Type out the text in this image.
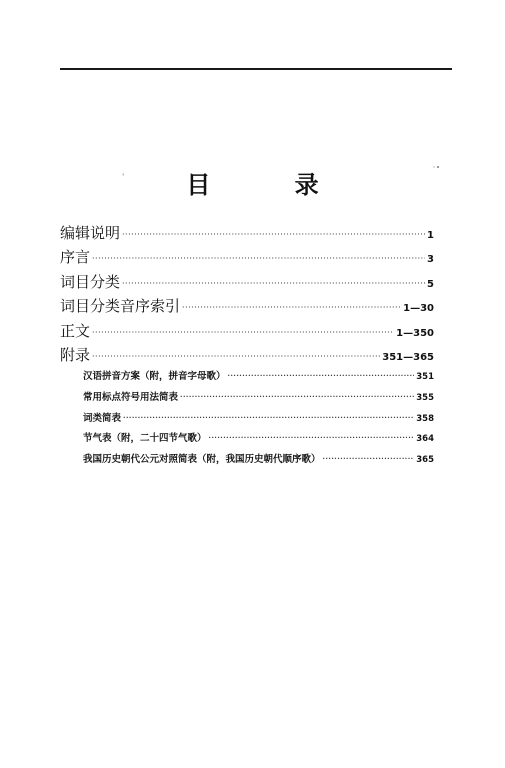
ˈ
˙˚
目 录
编辑说明 ·····	1
序言 ·····	3
词目分类 ·····	5
词目分类音序索引 ·····	1—30
正文 ·····	1—350
附录 ·····	351—365
汉语拼音方案（附，拼音字母歌） ·····	351
常用标点符号用法简表 ·····	355
词类简表 ·····	358
节气表（附，二十四节气歌） ·····	364
我国历史朝代公元对照简表（附，我国历史朝代顺序歌） ·····	365
